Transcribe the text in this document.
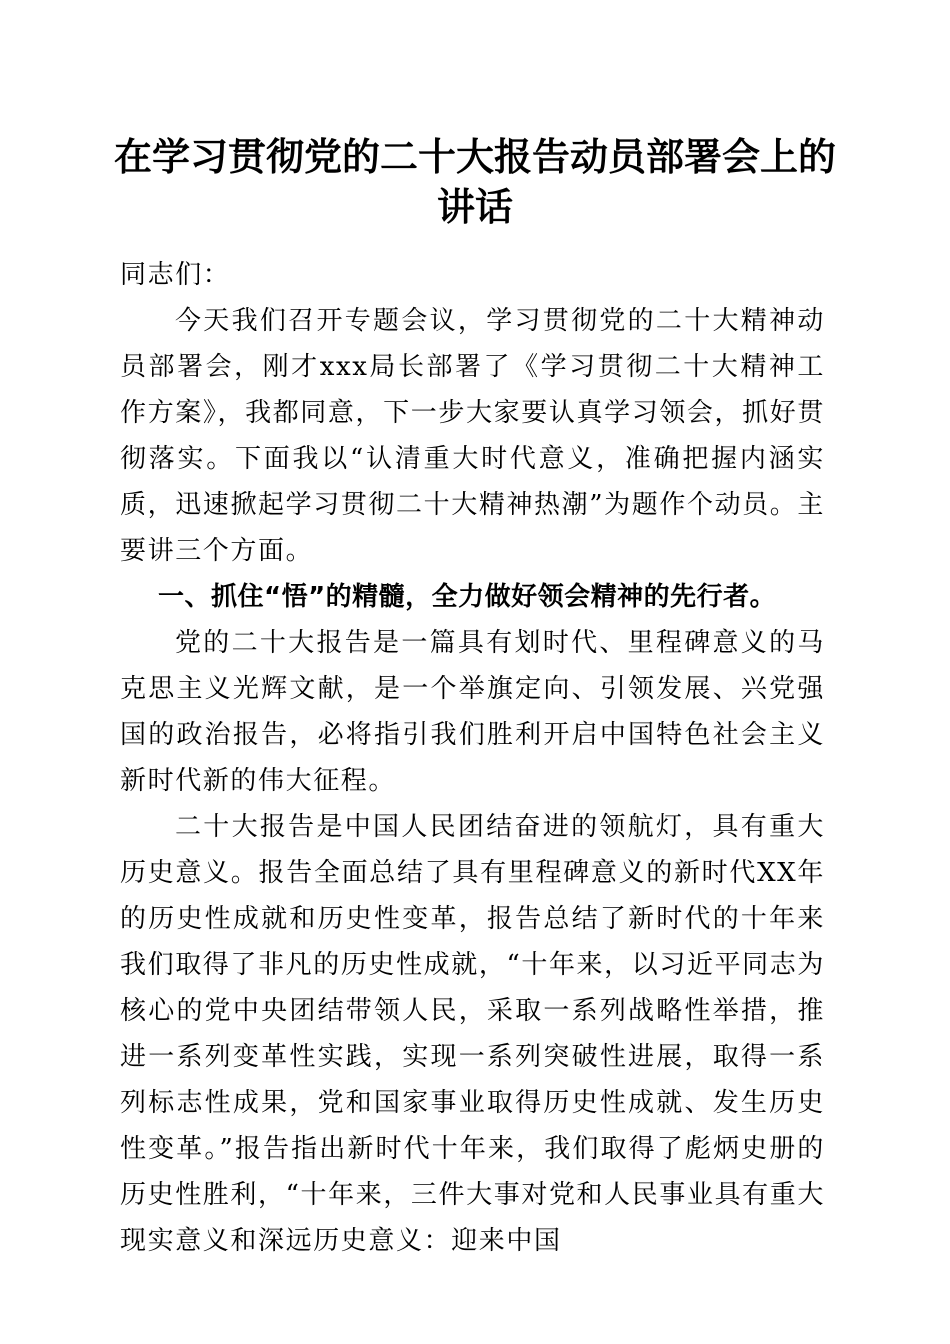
在学习贯彻党的二十大报告动员部署会上的讲话

同志们：

今天我们召开专题会议，学习贯彻党的二十大精神动员部署会，刚才xxx局长部署了《学习贯彻二十大精神工作方案》，我都同意，下一步大家要认真学习领会，抓好贯彻落实。下面我以“认清重大时代意义，准确把握内涵实质，迅速掀起学习贯彻二十大精神热潮”为题作个动员。主要讲三个方面。

一、抓住“悟”的精髓，全力做好领会精神的先行者。

党的二十大报告是一篇具有划时代、里程碑意义的马克思主义光辉文献，是一个举旗定向、引领发展、兴党强国的政治报告，必将指引我们胜利开启中国特色社会主义新时代新的伟大征程。

二十大报告是中国人民团结奋进的领航灯，具有重大历史意义。报告全面总结了具有里程碑意义的新时代XX年的历史性成就和历史性变革，报告总结了新时代的十年来我们取得了非凡的历史性成就，“十年来，以习近平同志为核心的党中央团结带领人民，采取一系列战略性举措，推进一系列变革性实践，实现一系列突破性进展，取得一系列标志性成果，党和国家事业取得历史性成就、发生历史性变革。”报告指出新时代十年来，我们取得了彪炳史册的历史性胜利，“十年来，三件大事对党和人民事业具有重大现实意义和深远历史意义：迎来中国
